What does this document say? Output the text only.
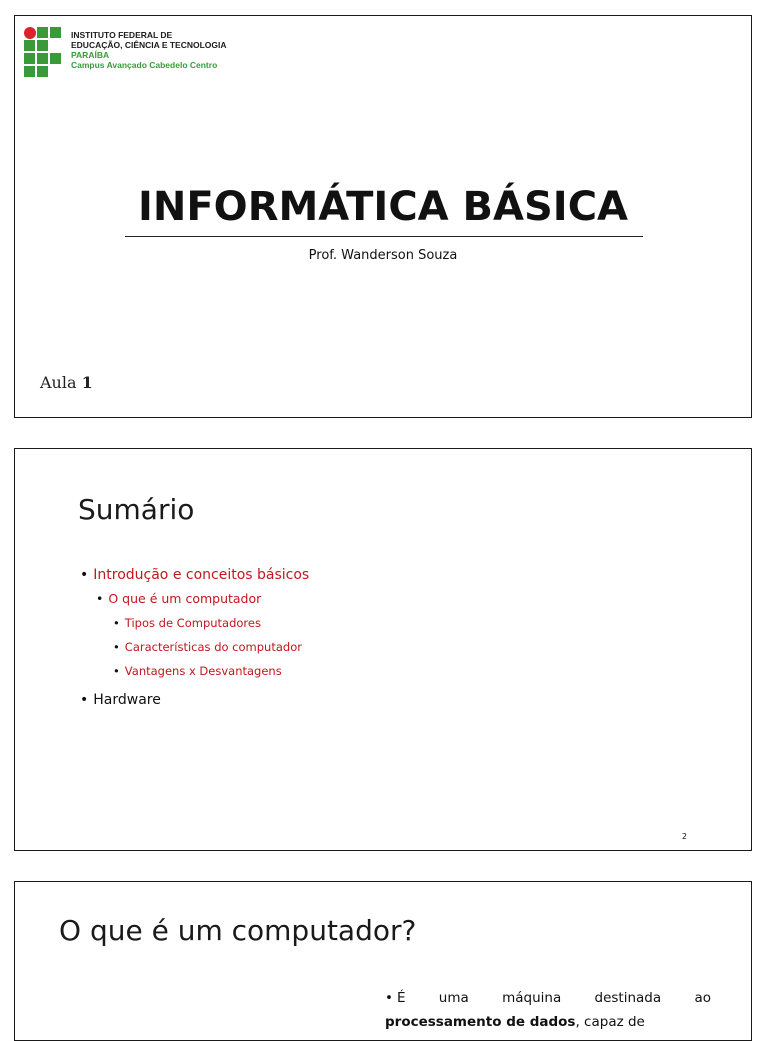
INSTITUTO FEDERAL DE
EDUCAÇÃO, CIÊNCIA E TECNOLOGIA
PARAÍBA
Campus Avançado Cabedelo Centro
INFORMÁTICA BÁSICA
Prof. Wanderson Souza
Aula 1
Sumário
• Introdução e conceitos básicos
• O que é um computador
• Tipos de Computadores
• Características do computador
• Vantagens x Desvantagens
• Hardware
2
O que é um computador?
• É uma máquina destinada ao processamento de dados, capaz de
